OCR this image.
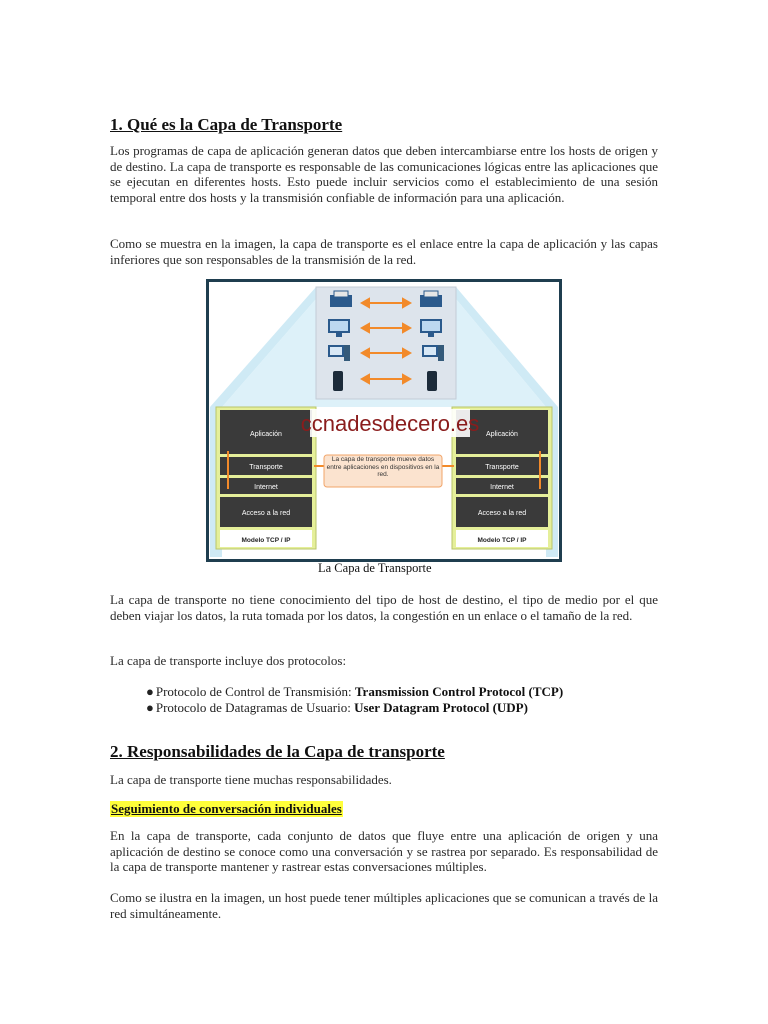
1. Qué es la Capa de Transporte

Los programas de capa de aplicación generan datos que deben intercambiarse entre los hosts de origen y de destino. La capa de transporte es responsable de las comunicaciones lógicas entre las aplicaciones que se ejecutan en diferentes hosts. Esto puede incluir servicios como el establecimiento de una sesión temporal entre dos hosts y la transmisión confiable de información para una aplicación.

Como se muestra en la imagen, la capa de transporte es el enlace entre la capa de aplicación y las capas inferiores que son responsables de la transmisión de la red.

La capa de transporte no tiene conocimiento del tipo de host de destino, el tipo de medio por el que deben viajar los datos, la ruta tomada por los datos, la congestión en un enlace o el tamaño de la red.

La capa de transporte incluye dos protocolos:

● Protocolo de Control de Transmisión: Transmission Control Protocol (TCP)
● Protocolo de Datagramas de Usuario: User Datagram Protocol (UDP)
2. Responsabilidades de la Capa de transporte

La capa de transporte tiene muchas responsabilidades.

Seguimiento de conversación individuales

En la capa de transporte, cada conjunto de datos que fluye entre una aplicación de origen y una aplicación de destino se conoce como una conversación y se rastrea por separado. Es responsabilidad de la capa de transporte mantener y rastrear estas conversaciones múltiples.

Como se ilustra en la imagen, un host puede tener múltiples aplicaciones que se comunican a través de la red simultáneamente.

ccnadesdecero.es
La capa de transporte mueve datos entre aplicaciones en dispositivos en la red.
Aplicación
Transporte
Internet
Acceso a la red
Aplicación
Transporte
Internet
Acceso a la red
Modelo TCP / IP	Modelo TCP / IP
La Capa de Transporte
